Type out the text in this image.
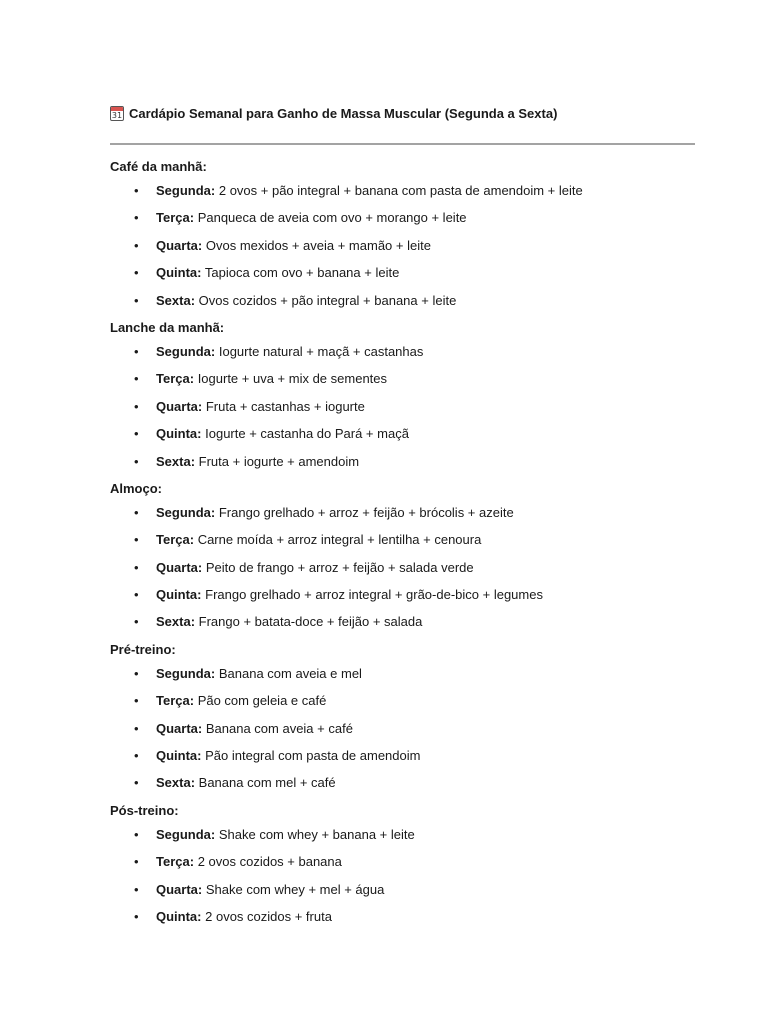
31 Cardápio Semanal para Ganho de Massa Muscular (Segunda a Sexta)
Café da manhã:
• Segunda: 2 ovos + pão integral + banana com pasta de amendoim + leite
• Terça: Panqueca de aveia com ovo + morango + leite
• Quarta: Ovos mexidos + aveia + mamão + leite
• Quinta: Tapioca com ovo + banana + leite
• Sexta: Ovos cozidos + pão integral + banana + leite
Lanche da manhã:
• Segunda: Iogurte natural + maçã + castanhas
• Terça: Iogurte + uva + mix de sementes
• Quarta: Fruta + castanhas + iogurte
• Quinta: Iogurte + castanha do Pará + maçã
• Sexta: Fruta + iogurte + amendoim
Almoço:
• Segunda: Frango grelhado + arroz + feijão + brócolis + azeite
• Terça: Carne moída + arroz integral + lentilha + cenoura
• Quarta: Peito de frango + arroz + feijão + salada verde
• Quinta: Frango grelhado + arroz integral + grão-de-bico + legumes
• Sexta: Frango + batata-doce + feijão + salada
Pré-treino:
• Segunda: Banana com aveia e mel
• Terça: Pão com geleia e café
• Quarta: Banana com aveia + café
• Quinta: Pão integral com pasta de amendoim
• Sexta: Banana com mel + café
Pós-treino:
• Segunda: Shake com whey + banana + leite
• Terça: 2 ovos cozidos + banana
• Quarta: Shake com whey + mel + água
• Quinta: 2 ovos cozidos + fruta
